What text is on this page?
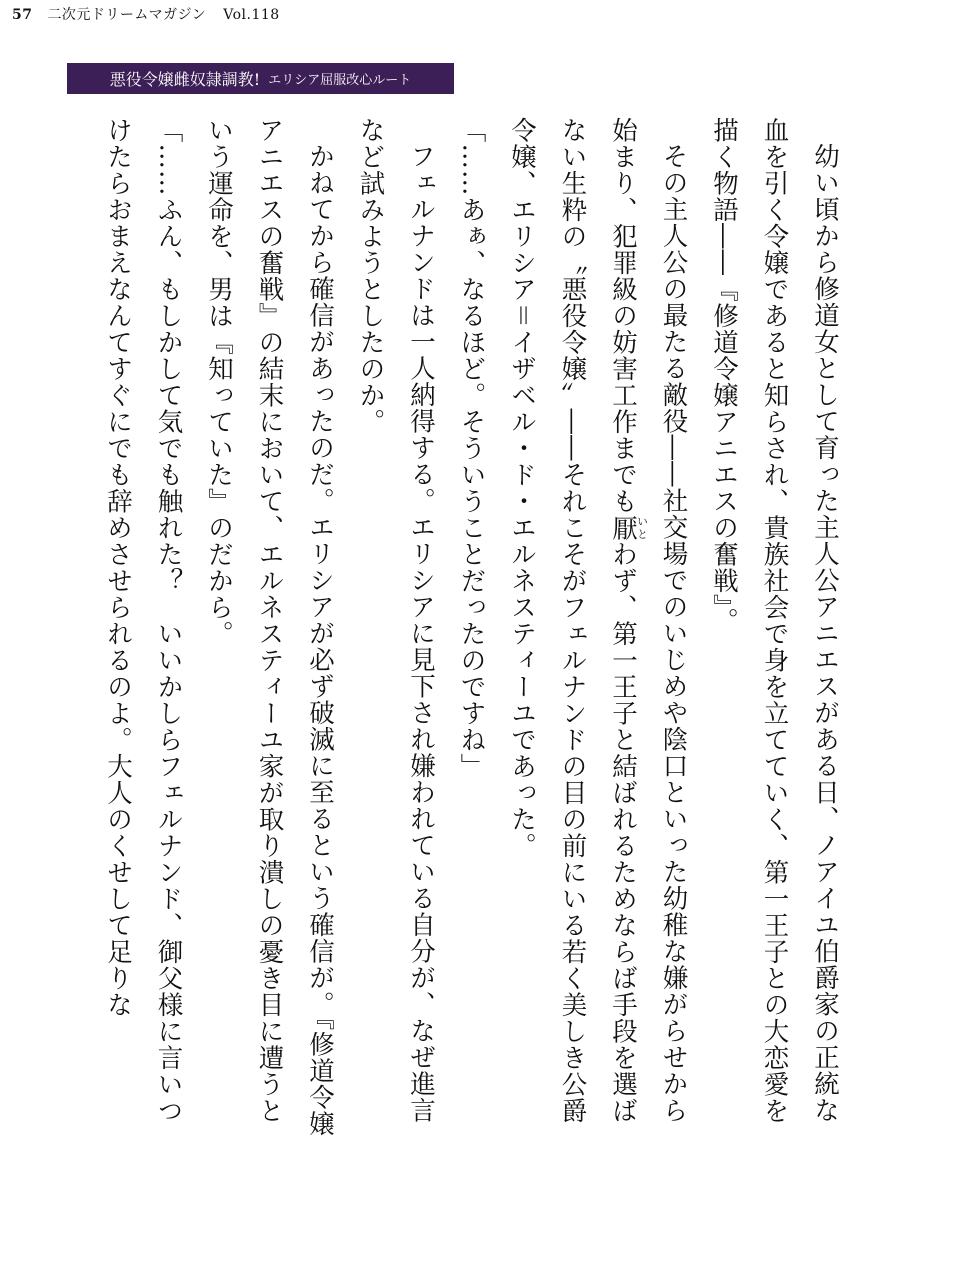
57 二次元ドリームマガジン Vol.118
悪役令嬢雌奴隷調教! エリシア屈服改心ルート

幼い頃から修道女として育った主人公アニエスがある日、ノアイユ伯爵家の正統な血を引く令嬢であると知らされ、貴族社会で身を立てていく、第一王子との大恋愛を描く物語――『修道令嬢アニエスの奮戦』。

その主人公の最たる敵役――社交場でのいじめや陰口といった幼稚な嫌がらせから始まり、犯罪級の妨害工作までも厭いとわず、第一王子と結ばれるためならば手段を選ばない生粋の〝悪役令嬢〟――それこそがフェルナンドの目の前にいる若く美しき公爵令嬢、エリシア＝イザベル・ド・エルネスティーユであった。

「……あぁ、なるほど。そういうことだったのですね」

フェルナンドは一人納得する。エリシアに見下され嫌われている自分が、なぜ進言など試みようとしたのか。

かねてから確信があったのだ。エリシアが必ず破滅に至るという確信が。『修道令嬢アニエスの奮戦』の結末において、エルネスティーユ家が取り潰しの憂き目に遭うという運命を、男は『知っていた』のだから。

「……ふん、もしかして気でも触れた？　いいかしらフェルナンド、御父様に言いつけたらおまえなんてすぐにでも辞めさせられるのよ。大人のくせして足りな
